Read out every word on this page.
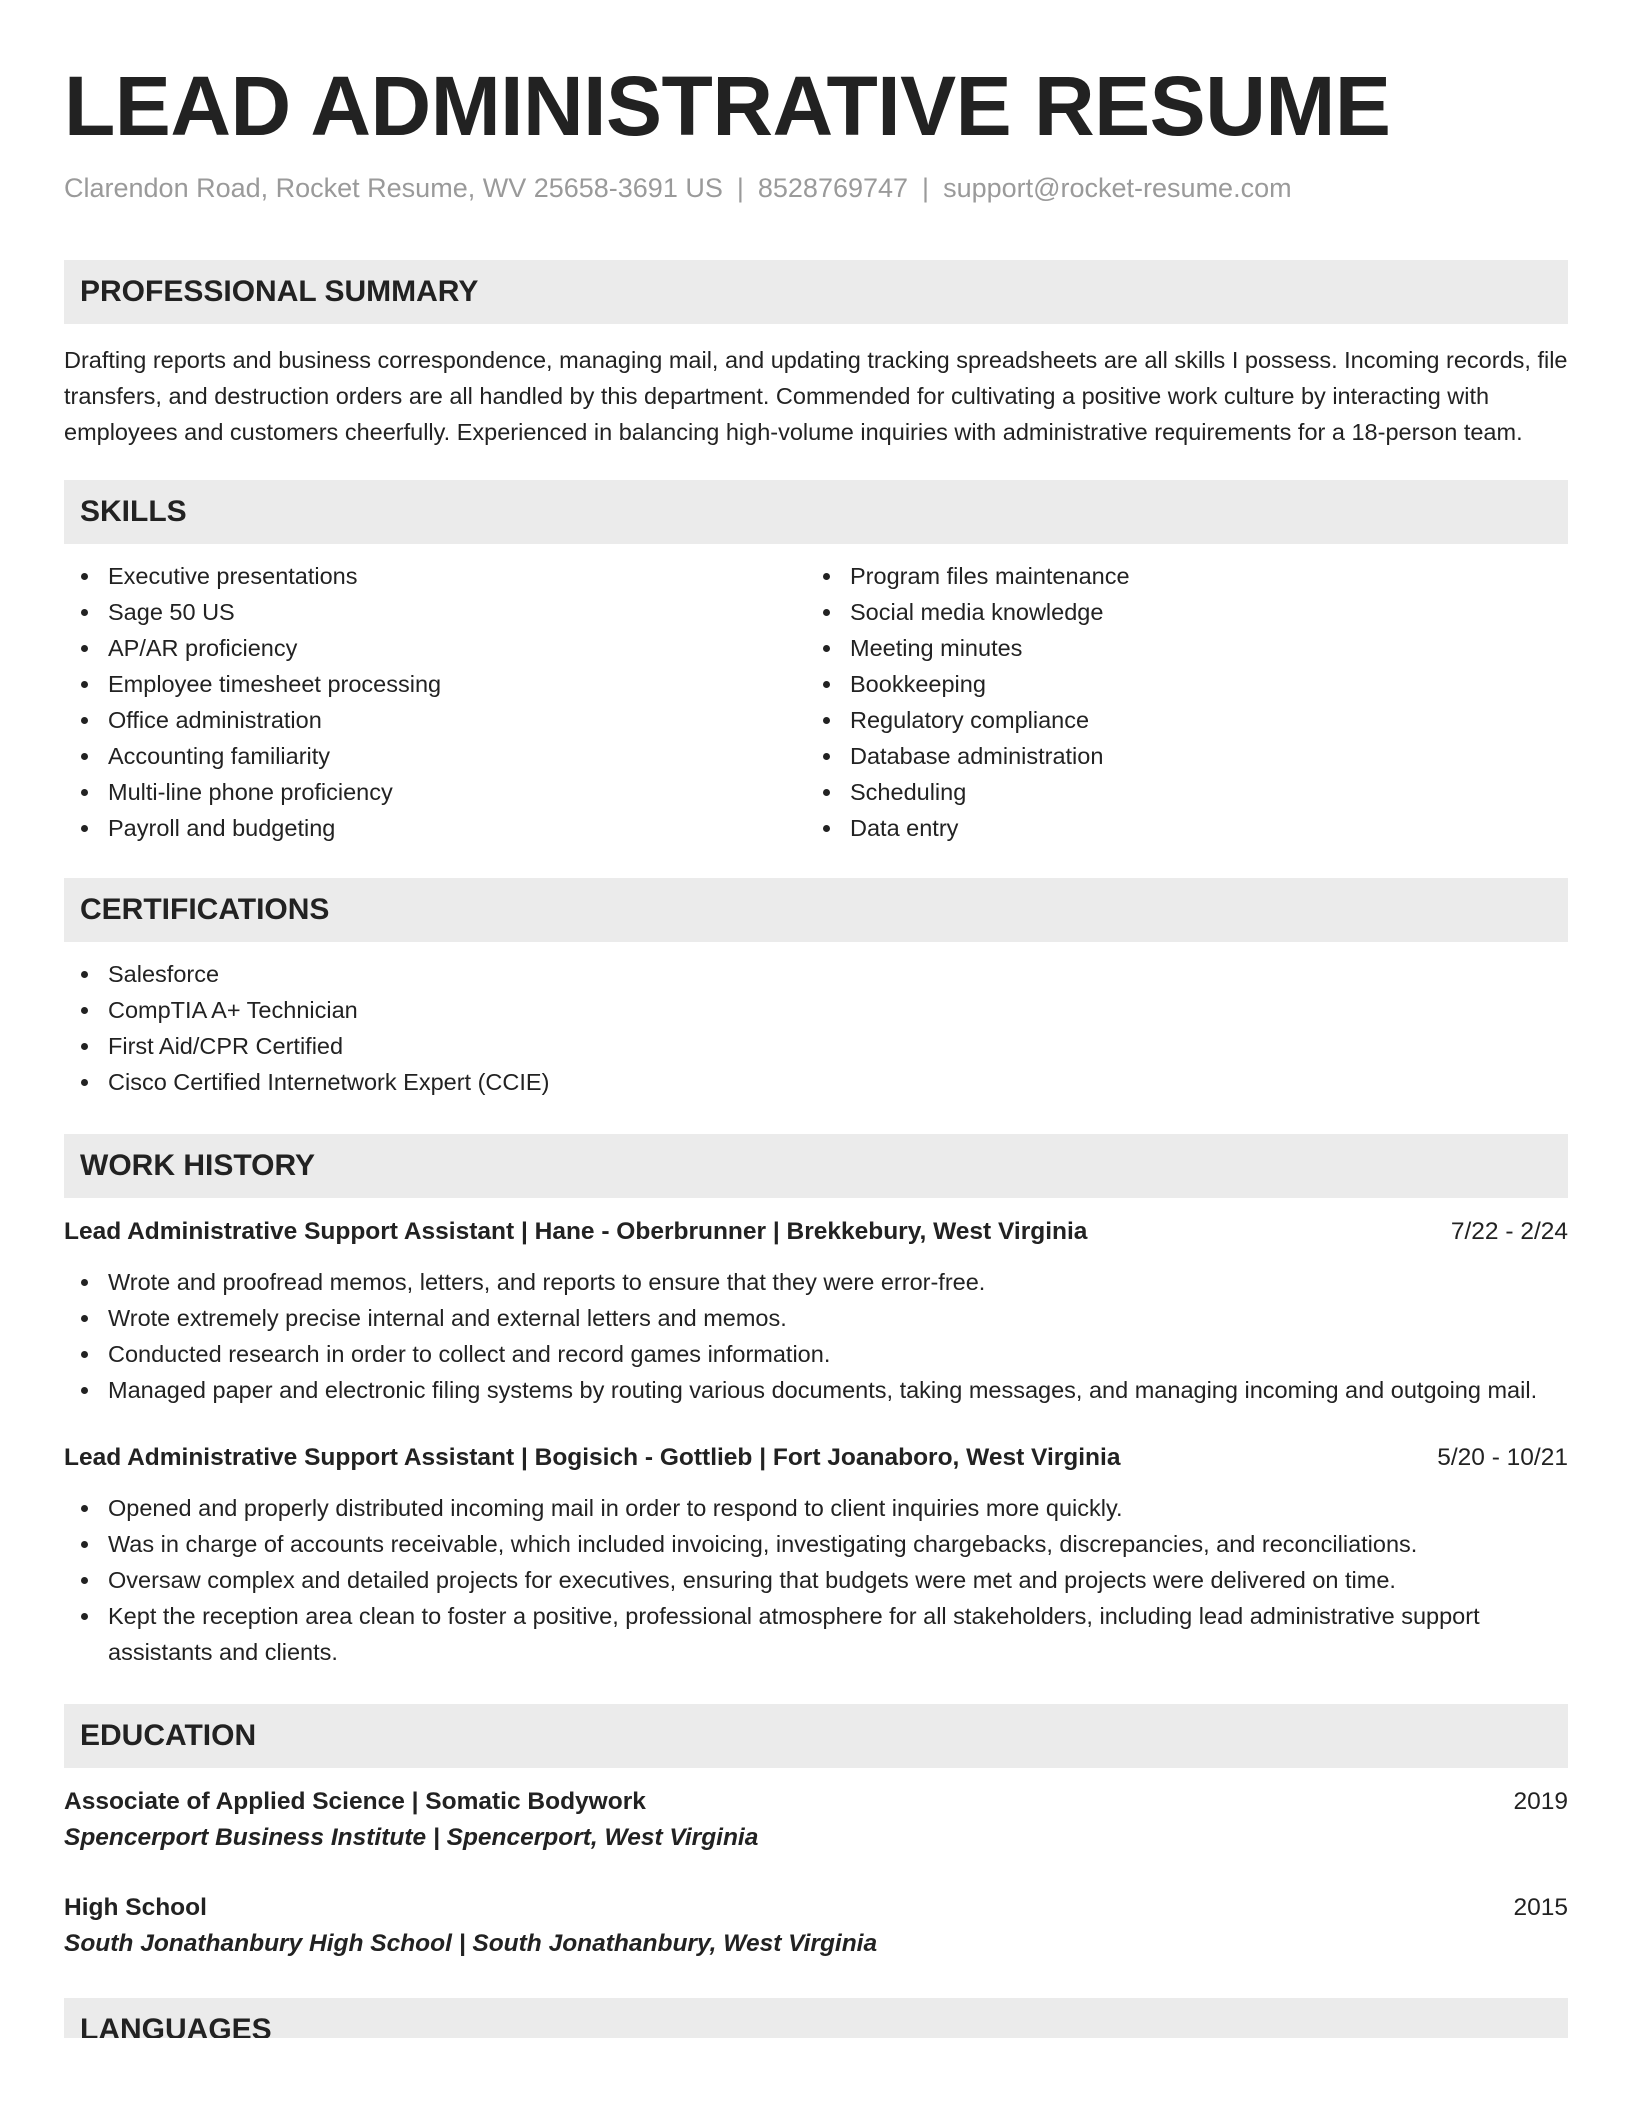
LEAD ADMINISTRATIVE RESUME
Clarendon Road, Rocket Resume, WV 25658-3691 US | 8528769747 | support@rocket-resume.com
PROFESSIONAL SUMMARY

Drafting reports and business correspondence, managing mail, and updating tracking spreadsheets are all skills I possess. Incoming records, file transfers, and destruction orders are all handled by this department. Commended for cultivating a positive work culture by interacting with employees and customers cheerfully. Experienced in balancing high-volume inquiries with administrative requirements for a 18-person team.

SKILLS
Executive presentations
Sage 50 US
AP/AR proficiency
Employee timesheet processing
Office administration
Accounting familiarity
Multi-line phone proficiency
Payroll and budgeting
Program files maintenance
Social media knowledge
Meeting minutes
Bookkeeping
Regulatory compliance
Database administration
Scheduling
Data entry
CERTIFICATIONS
Salesforce
CompTIA A+ Technician
First Aid/CPR Certified
Cisco Certified Internetwork Expert (CCIE)
WORK HISTORY
Lead Administrative Support Assistant | Hane - Oberbrunner | Brekkebury, West Virginia	7/22 - 2/24
Wrote and proofread memos, letters, and reports to ensure that they were error-free.
Wrote extremely precise internal and external letters and memos.
Conducted research in order to collect and record games information.
Managed paper and electronic filing systems by routing various documents, taking messages, and managing incoming and outgoing mail.
Lead Administrative Support Assistant | Bogisich - Gottlieb | Fort Joanaboro, West Virginia	5/20 - 10/21
Opened and properly distributed incoming mail in order to respond to client inquiries more quickly.
Was in charge of accounts receivable, which included invoicing, investigating chargebacks, discrepancies, and reconciliations.
Oversaw complex and detailed projects for executives, ensuring that budgets were met and projects were delivered on time.
Kept the reception area clean to foster a positive, professional atmosphere for all stakeholders, including lead administrative support assistants and clients.
EDUCATION
Associate of Applied Science | Somatic Bodywork	2019
Spencerport Business Institute | Spencerport, West Virginia
High School	2015
South Jonathanbury High School | South Jonathanbury, West Virginia
LANGUAGES
